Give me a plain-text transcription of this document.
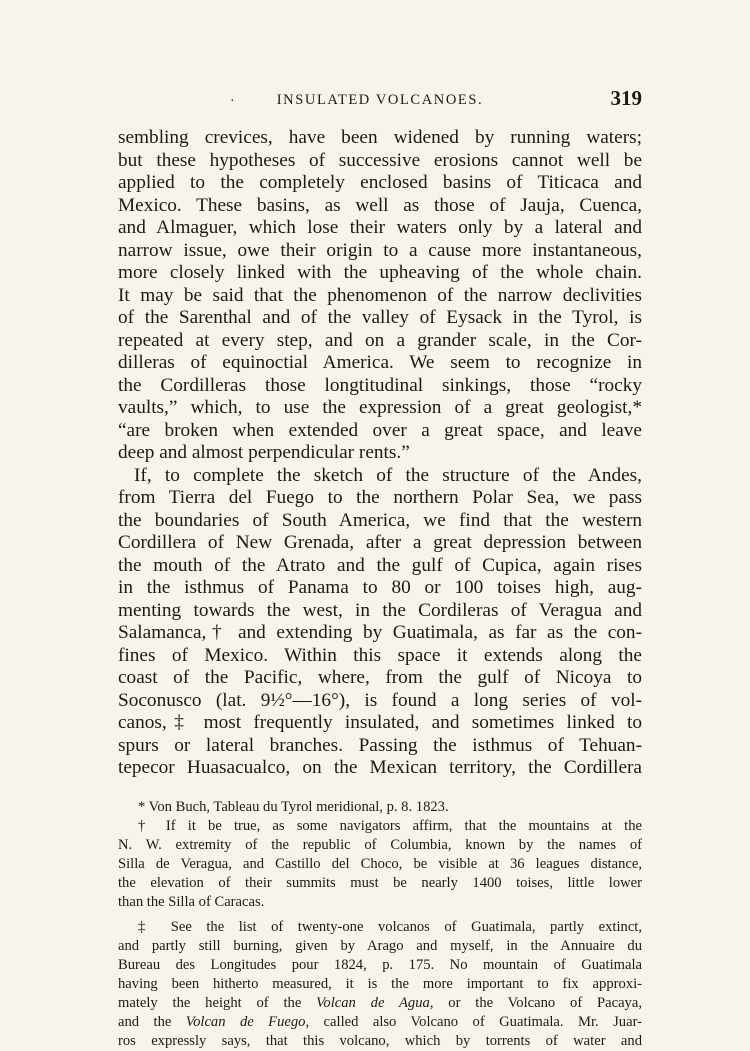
·	INSULATED VOLCANOES.	319
sembling crevices, have been widened by running waters;
but these hypotheses of successive erosions cannot well be
applied to the completely enclosed basins of Titicaca and
Mexico. These basins, as well as those of Jauja, Cuenca,
and Almaguer, which lose their waters only by a lateral and
narrow issue, owe their origin to a cause more instantaneous,
more closely linked with the upheaving of the whole chain.
It may be said that the phenomenon of the narrow declivities
of the Sarenthal and of the valley of Eysack in the Tyrol, is
repeated at every step, and on a grander scale, in the Cor-
dilleras of equinoctial America. We seem to recognize in
the Cordilleras those longtitudinal sinkings, those “rocky
vaults,” which, to use the expression of a great geologist,*
“are broken when extended over a great space, and leave
deep and almost perpendicular rents.”
If, to complete the sketch of the structure of the Andes,
from Tierra del Fuego to the northern Polar Sea, we pass
the boundaries of South America, we find that the western
Cordillera of New Grenada, after a great depression between
the mouth of the Atrato and the gulf of Cupica, again rises
in the isthmus of Panama to 80 or 100 toises high, aug-
menting towards the west, in the Cordileras of Veragua and
Salamanca,† and extending by Guatimala, as far as the con-
fines of Mexico. Within this space it extends along the
coast of the Pacific, where, from the gulf of Nicoya to
Soconusco (lat. 9½°—16°), is found a long series of vol-
canos,‡ most frequently insulated, and sometimes linked to
spurs or lateral branches. Passing the isthmus of Tehuan-
tepecor Huasacualco, on the Mexican territory, the Cordillera
* Von Buch, Tableau du Tyrol meridional, p. 8. 1823.
† If it be true, as some navigators affirm, that the mountains at the
N. W. extremity of the republic of Columbia, known by the names of
Silla de Veragua, and Castillo del Choco, be visible at 36 leagues distance,
the elevation of their summits must be nearly 1400 toises, little lower
than the Silla of Caracas.
‡ See the list of twenty-one volcanos of Guatimala, partly extinct,
and partly still burning, given by Arago and myself, in the Annuaire du
Bureau des Longitudes pour 1824, p. 175. No mountain of Guatimala
having been hitherto measured, it is the more important to fix approxi-
mately the height of the Volcan de Agua, or the Volcano of Pacaya,
and the Volcan de Fuego, called also Volcano of Guatimala. Mr. Juar-
ros expressly says, that this volcano, which by torrents of water and
